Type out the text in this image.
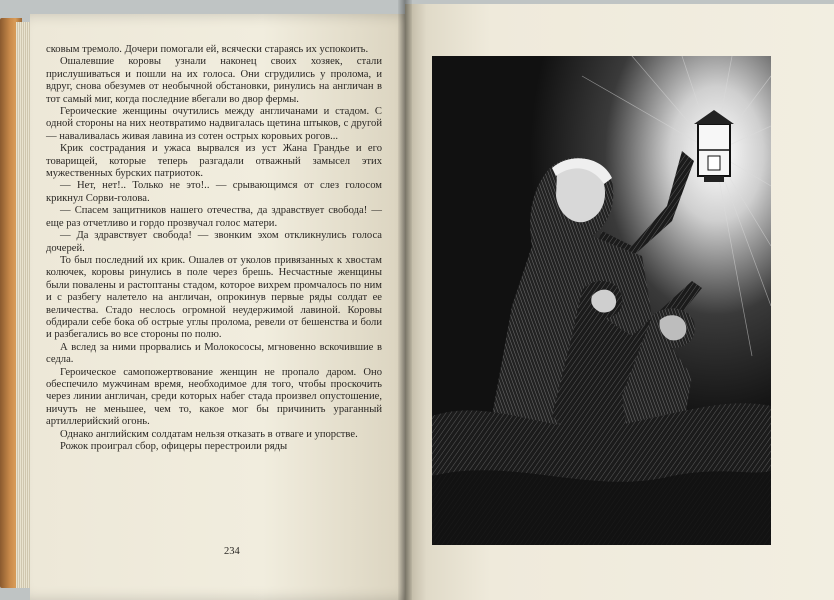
сковым тремоло. Дочери помогали ей, всячески стараясь их успокоить.

Ошалевшие коровы узнали наконец своих хозяек, стали прислушиваться и пошли на их голоса. Они сгрудились у пролома, и вдруг, снова обезумев от необычной обстановки, ринулись на англичан в тот самый миг, когда последние вбегали во двор фермы.

Героические женщины очутились между англичанами и стадом. С одной стороны на них неотвратимо надвигалась щетина штыков, с другой — наваливалась живая лавина из сотен острых коровьих рогов...

Крик сострадания и ужаса вырвался из уст Жана Грандье и его товарищей, которые теперь разгадали отважный замысел этих мужественных бурских патриоток.

— Нет, нет!.. Только не это!.. — срывающимся от слез голосом крикнул Сорви-голова.

— Спасем защитников нашего отечества, да здравствует свобода! — еще раз отчетливо и гордо прозвучал голос матери.

— Да здравствует свобода! — звонким эхом откликнулись голоса дочерей.

То был последний их крик. Ошалев от уколов привязанных к хвостам колючек, коровы ринулись в поле через брешь. Несчастные женщины были повалены и растоптаны стадом, которое вихрем промчалось по ним и с разбегу налетело на англичан, опрокинув первые ряды солдат ее величества. Стадо неслось огромной неудержимой лавиной. Коровы обдирали себе бока об острые углы пролома, ревели от бешенства и боли и разбегались во все стороны по полю.

А вслед за ними прорвались и Молокососы, мгновенно вскочившие в седла.

Героическое самопожертвование женщин не пропало даром. Оно обеспечило мужчинам время, необходимое для того, чтобы проскочить через линии англичан, среди которых набег стада произвел опустошение, ничуть не меньшее, чем то, какое мог бы причинить ураганный артиллерийский огонь.

Однако английским солдатам нельзя отказать в отваге и упорстве.

Рожок проиграл сбор, офицеры перестроили ряды

234
